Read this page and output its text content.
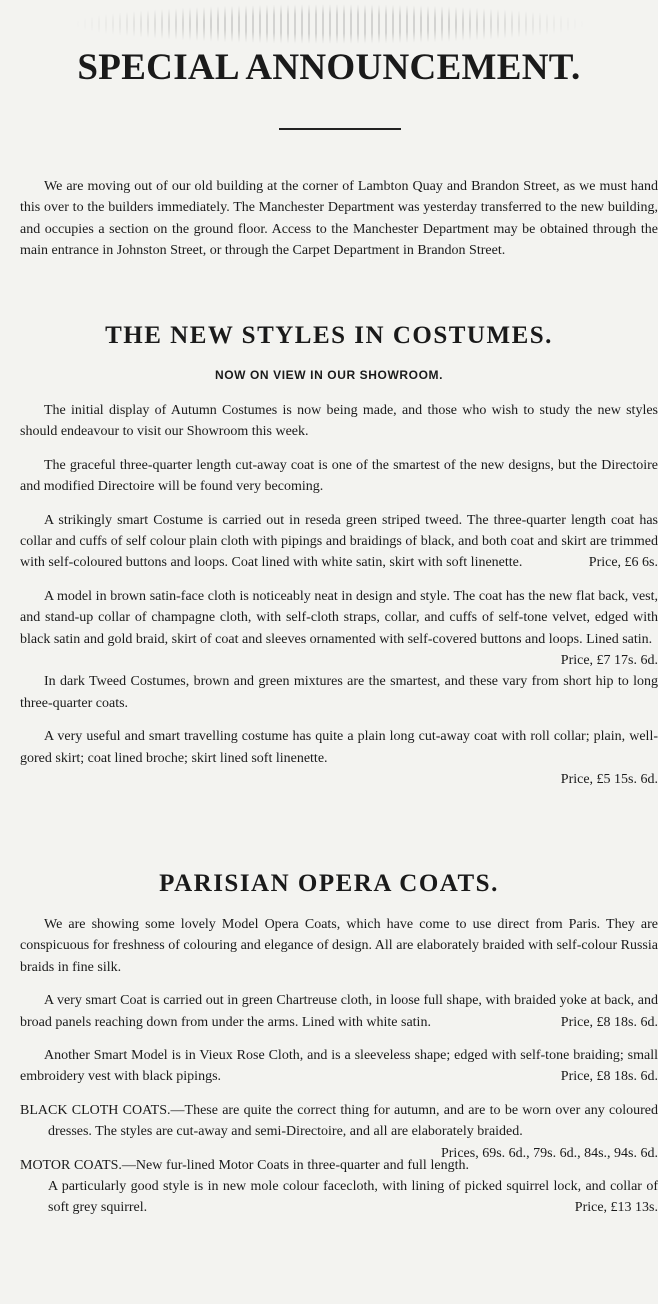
SPECIAL ANNOUNCEMENT.

We are moving out of our old building at the corner of Lambton Quay and Brandon Street, as we must hand this over to the builders immediately. The Manchester Department was yesterday transferred to the new building, and occupies a section on the ground floor. Access to the Manchester Department may be obtained through the main entrance in Johnston Street, or through the Carpet Department in Brandon Street.

THE NEW STYLES IN COSTUMES.
NOW ON VIEW IN OUR SHOWROOM.

The initial display of Autumn Costumes is now being made, and those who wish to study the new styles should endeavour to visit our Showroom this week.

The graceful three-quarter length cut-away coat is one of the smartest of the new designs, but the Directoire and modified Directoire will be found very becoming.

A strikingly smart Costume is carried out in reseda green striped tweed. The three-quarter length coat has collar and cuffs of self colour plain cloth with pipings and braidings of black, and both coat and skirt are trimmed with self-coloured buttons and loops. Coat lined with white satin, skirt with soft linenette.	Price, £6 6s.

A model in brown satin-face cloth is noticeably neat in design and style. The coat has the new flat back, vest, and stand-up collar of champagne cloth, with self-cloth straps, collar, and cuffs of self-tone velvet, edged with black satin and gold braid, skirt of coat and sleeves ornamented with self-covered buttons and loops. Lined satin.

Price, £7 17s. 6d.

In dark Tweed Costumes, brown and green mixtures are the smartest, and these vary from short hip to long three-quarter coats.

A very useful and smart travelling costume has quite a plain long cut-away coat with roll collar; plain, well-gored skirt; coat lined broche; skirt lined soft linenette.

Price, £5 15s. 6d.

PARISIAN OPERA COATS.

We are showing some lovely Model Opera Coats, which have come to use direct from Paris. They are conspicuous for freshness of colouring and elegance of design. All are elaborately braided with self-colour Russia braids in fine silk.

A very smart Coat is carried out in green Chartreuse cloth, in loose full shape, with braided yoke at back, and broad panels reaching down from under the arms. Lined with white satin.	Price, £8 18s. 6d.

Another Smart Model is in Vieux Rose Cloth, and is a sleeveless shape; edged with self-tone braiding; small embroidery vest with black pipings.	Price, £8 18s. 6d.

BLACK CLOTH COATS.—These are quite the correct thing for autumn, and are to be worn over any coloured dresses. The styles are cut-away and semi-Directoire, and all are elaborately braided.
Prices, 69s. 6d., 79s. 6d., 84s., 94s. 6d.

MOTOR COATS.—New fur-lined Motor Coats in three-quarter and full length. A particularly good style is in new mole colour facecloth, with lining of picked squirrel lock, and collar of soft grey squirrel.	Price, £13 13s.
